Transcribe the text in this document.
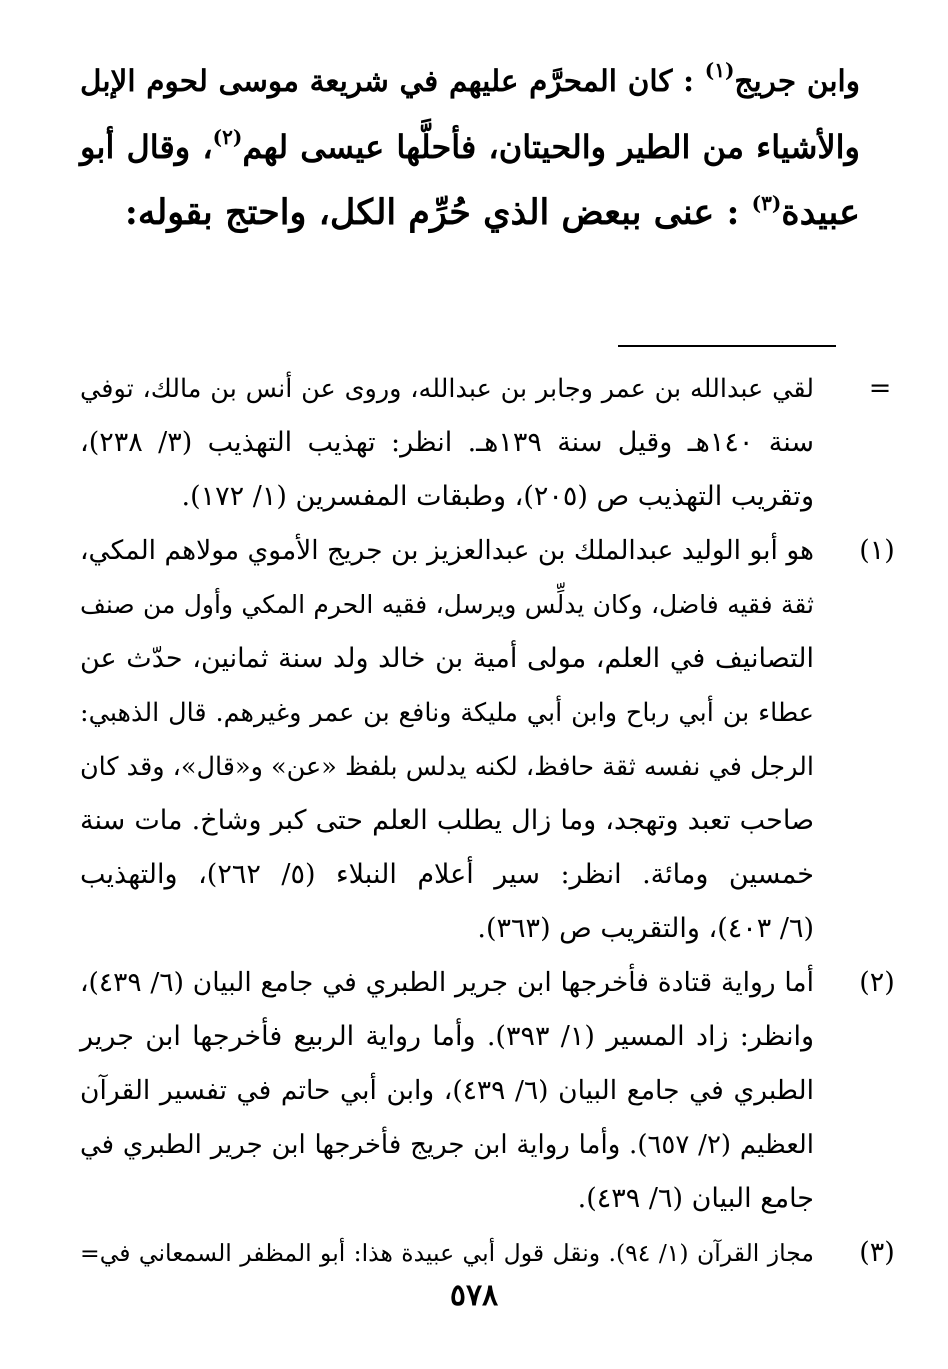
وابن جريج$^{(١)}$ : كان المحرَّم عليهم في شريعة موسى لحوم الإبل
والأشياء من الطير والحيتان، فأحلَّها عيسى لهم$^{(٢)}$، وقال أبو
عبيدة$^{(٣)}$ : عنى ببعض الذي حُرِّم الكل، واحتج بقوله:
=
لقي عبدالله بن عمر وجابر بن عبدالله، وروى عن أنس بن مالك، توفي
سنة ١٤٠هـ وقيل سنة ١٣٩هـ. انظر: تهذيب التهذيب (٣/ ٢٣٨)،
وتقريب التهذيب ص (٢٠٥)، وطبقات المفسرين (١/ ١٧٢).
(١)
هو أبو الوليد عبدالملك بن عبدالعزيز بن جريج الأموي مولاهم المكي،
ثقة فقيه فاضل، وكان يدلِّس ويرسل، فقيه الحرم المكي وأول من صنف
التصانيف في العلم، مولى أمية بن خالد ولد سنة ثمانين، حدّث عن
عطاء بن أبي رباح وابن أبي مليكة ونافع بن عمر وغيرهم. قال الذهبي:
الرجل في نفسه ثقة حافظ، لكنه يدلس بلفظ «عن» و«قال»، وقد كان
صاحب تعبد وتهجد، وما زال يطلب العلم حتى كبر وشاخ. مات سنة
خمسين ومائة. انظر: سير أعلام النبلاء (٥/ ٢٦٢)، والتهذيب
(٦/ ٤٠٣)، والتقريب ص (٣٦٣).
(٢)
أما رواية قتادة فأخرجها ابن جرير الطبري في جامع البيان (٦/ ٤٣٩)،
وانظر: زاد المسير (١/ ٣٩٣). وأما رواية الربيع فأخرجها ابن جرير
الطبري في جامع البيان (٦/ ٤٣٩)، وابن أبي حاتم في تفسير القرآن
العظيم (٢/ ٦٥٧). وأما رواية ابن جريج فأخرجها ابن جرير الطبري في
جامع البيان (٦/ ٤٣٩).
(٣)
مجاز القرآن (١/ ٩٤). ونقل قول أبي عبيدة هذا: أبو المظفر السمعاني في=
٥٧٨
